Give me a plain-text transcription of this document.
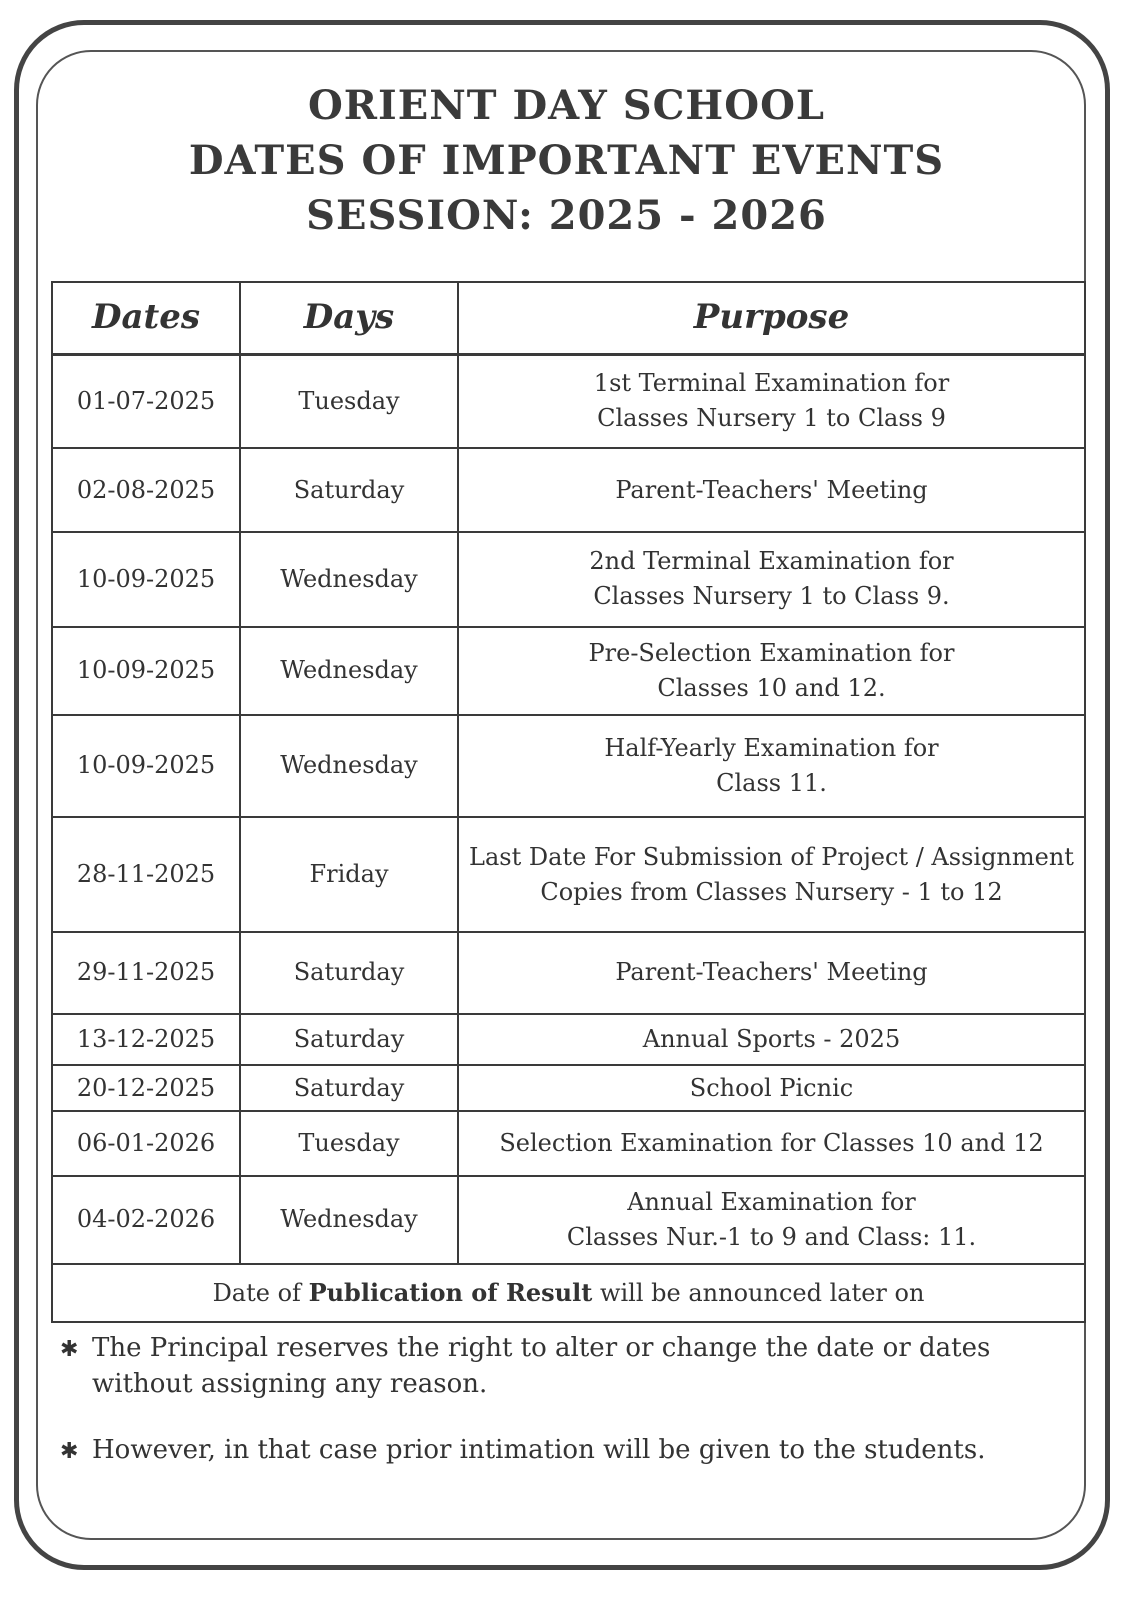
ORIENT DAY SCHOOL
DATES OF IMPORTANT EVENTS
SESSION: 2025 - 2026
Dates	Days	Purpose
01-07-2025	Tuesday	1st Terminal Examination for
Classes Nursery 1 to Class 9

02-08-2025	Saturday	Parent-Teachers' Meeting

10-09-2025	Wednesday	2nd Terminal Examination for
Classes Nursery 1 to Class 9.

10-09-2025	Wednesday	Pre-Selection Examination for
Classes 10 and 12.

10-09-2025	Wednesday	Half-Yearly Examination for
Class 11.

28-11-2025	Friday	Last Date For Submission of Project / Assignment
Copies from Classes Nursery - 1 to 12

29-11-2025	Saturday	Parent-Teachers' Meeting

13-12-2025	Saturday	Annual Sports - 2025

20-12-2025	Saturday	School Picnic

06-01-2026	Tuesday	Selection Examination for Classes 10 and 12

04-02-2026	Wednesday	Annual Examination for
Classes Nur.-1 to 9 and Class: 11.

Date of Publication of Result will be announced later on		
✱ The Principal reserves the right to alter or change the date or dates without assigning any reason.
✱ However, in that case prior intimation will be given to the students.
